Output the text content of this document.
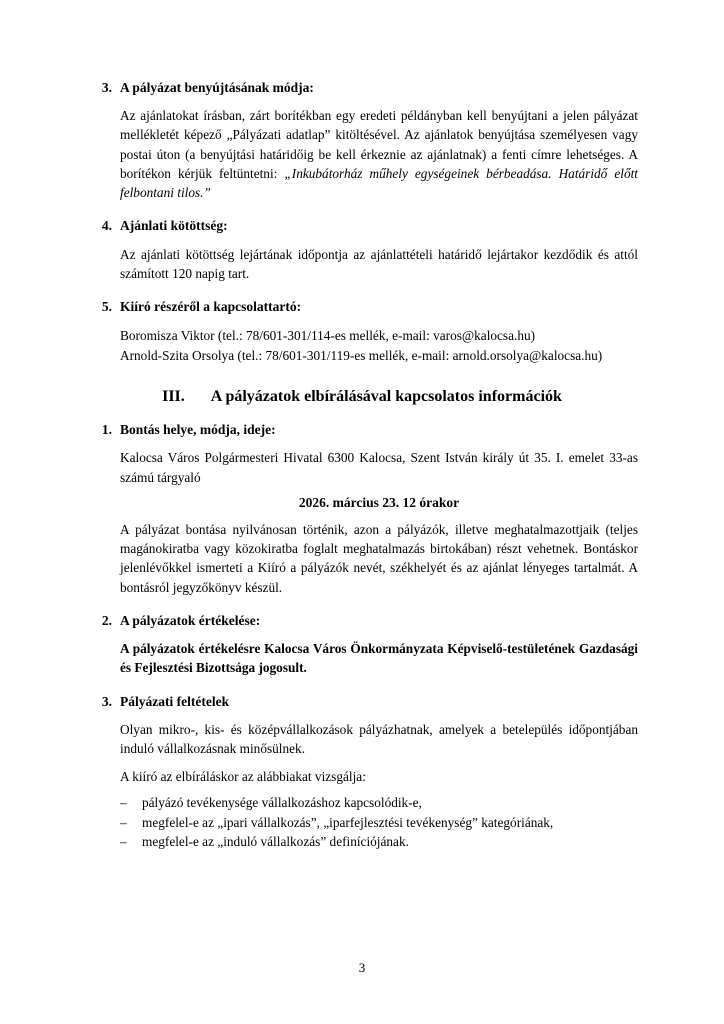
3. A pályázat benyújtásának módja:
Az ajánlatokat írásban, zárt borítékban egy eredeti példányban kell benyújtani a jelen pályázat mellékletét képező „Pályázati adatlap” kitöltésével. Az ajánlatok benyújtása személyesen vagy postai úton (a benyújtási határidőig be kell érkeznie az ajánlatnak) a fenti címre lehetséges. A borítékon kérjük feltüntetni: „Inkubátorház műhely egységeinek bérbeadása. Határidő előtt felbontani tilos.”
4. Ajánlati kötöttség:
Az ajánlati kötöttség lejártának időpontja az ajánlattételi határidő lejártakor kezdődik és attól számított 120 napig tart.
5. Kiíró részéről a kapcsolattartó:
Boromisza Viktor (tel.: 78/601-301/114-es mellék, e-mail: varos@kalocsa.hu)
Arnold-Szita Orsolya (tel.: 78/601-301/119-es mellék, e-mail: arnold.orsolya@kalocsa.hu)
III. A pályázatok elbírálásával kapcsolatos információk
1. Bontás helye, módja, ideje:
Kalocsa Város Polgármesteri Hivatal 6300 Kalocsa, Szent István király út 35. I. emelet 33-as számú tárgyaló
2026. március 23. 12 órakor
A pályázat bontása nyilvánosan történik, azon a pályázók, illetve meghatalmazottjaik (teljes magánokiratba vagy közokiratba foglalt meghatalmazás birtokában) részt vehetnek. Bontáskor jelenlévőkkel ismerteti a Kiíró a pályázók nevét, székhelyét és az ajánlat lényeges tartalmát. A bontásról jegyzőkönyv készül.
2. A pályázatok értékelése:
A pályázatok értékelésre Kalocsa Város Önkormányzata Képviselő-testületének Gazdasági és Fejlesztési Bizottsága jogosult.
3. Pályázati feltételek
Olyan mikro-, kis- és középvállalkozások pályázhatnak, amelyek a betelepülés időpontjában induló vállalkozásnak minősülnek.
A kiíró az elbíráláskor az alábbiakat vizsgálja:
–	pályázó tevékenysége vállalkozáshoz kapcsolódik-e,
–	megfelel-e az „ipari vállalkozás”, „iparfejlesztési tevékenység” kategóriának,
–	megfelel-e az „induló vállalkozás” definíciójának.
3
